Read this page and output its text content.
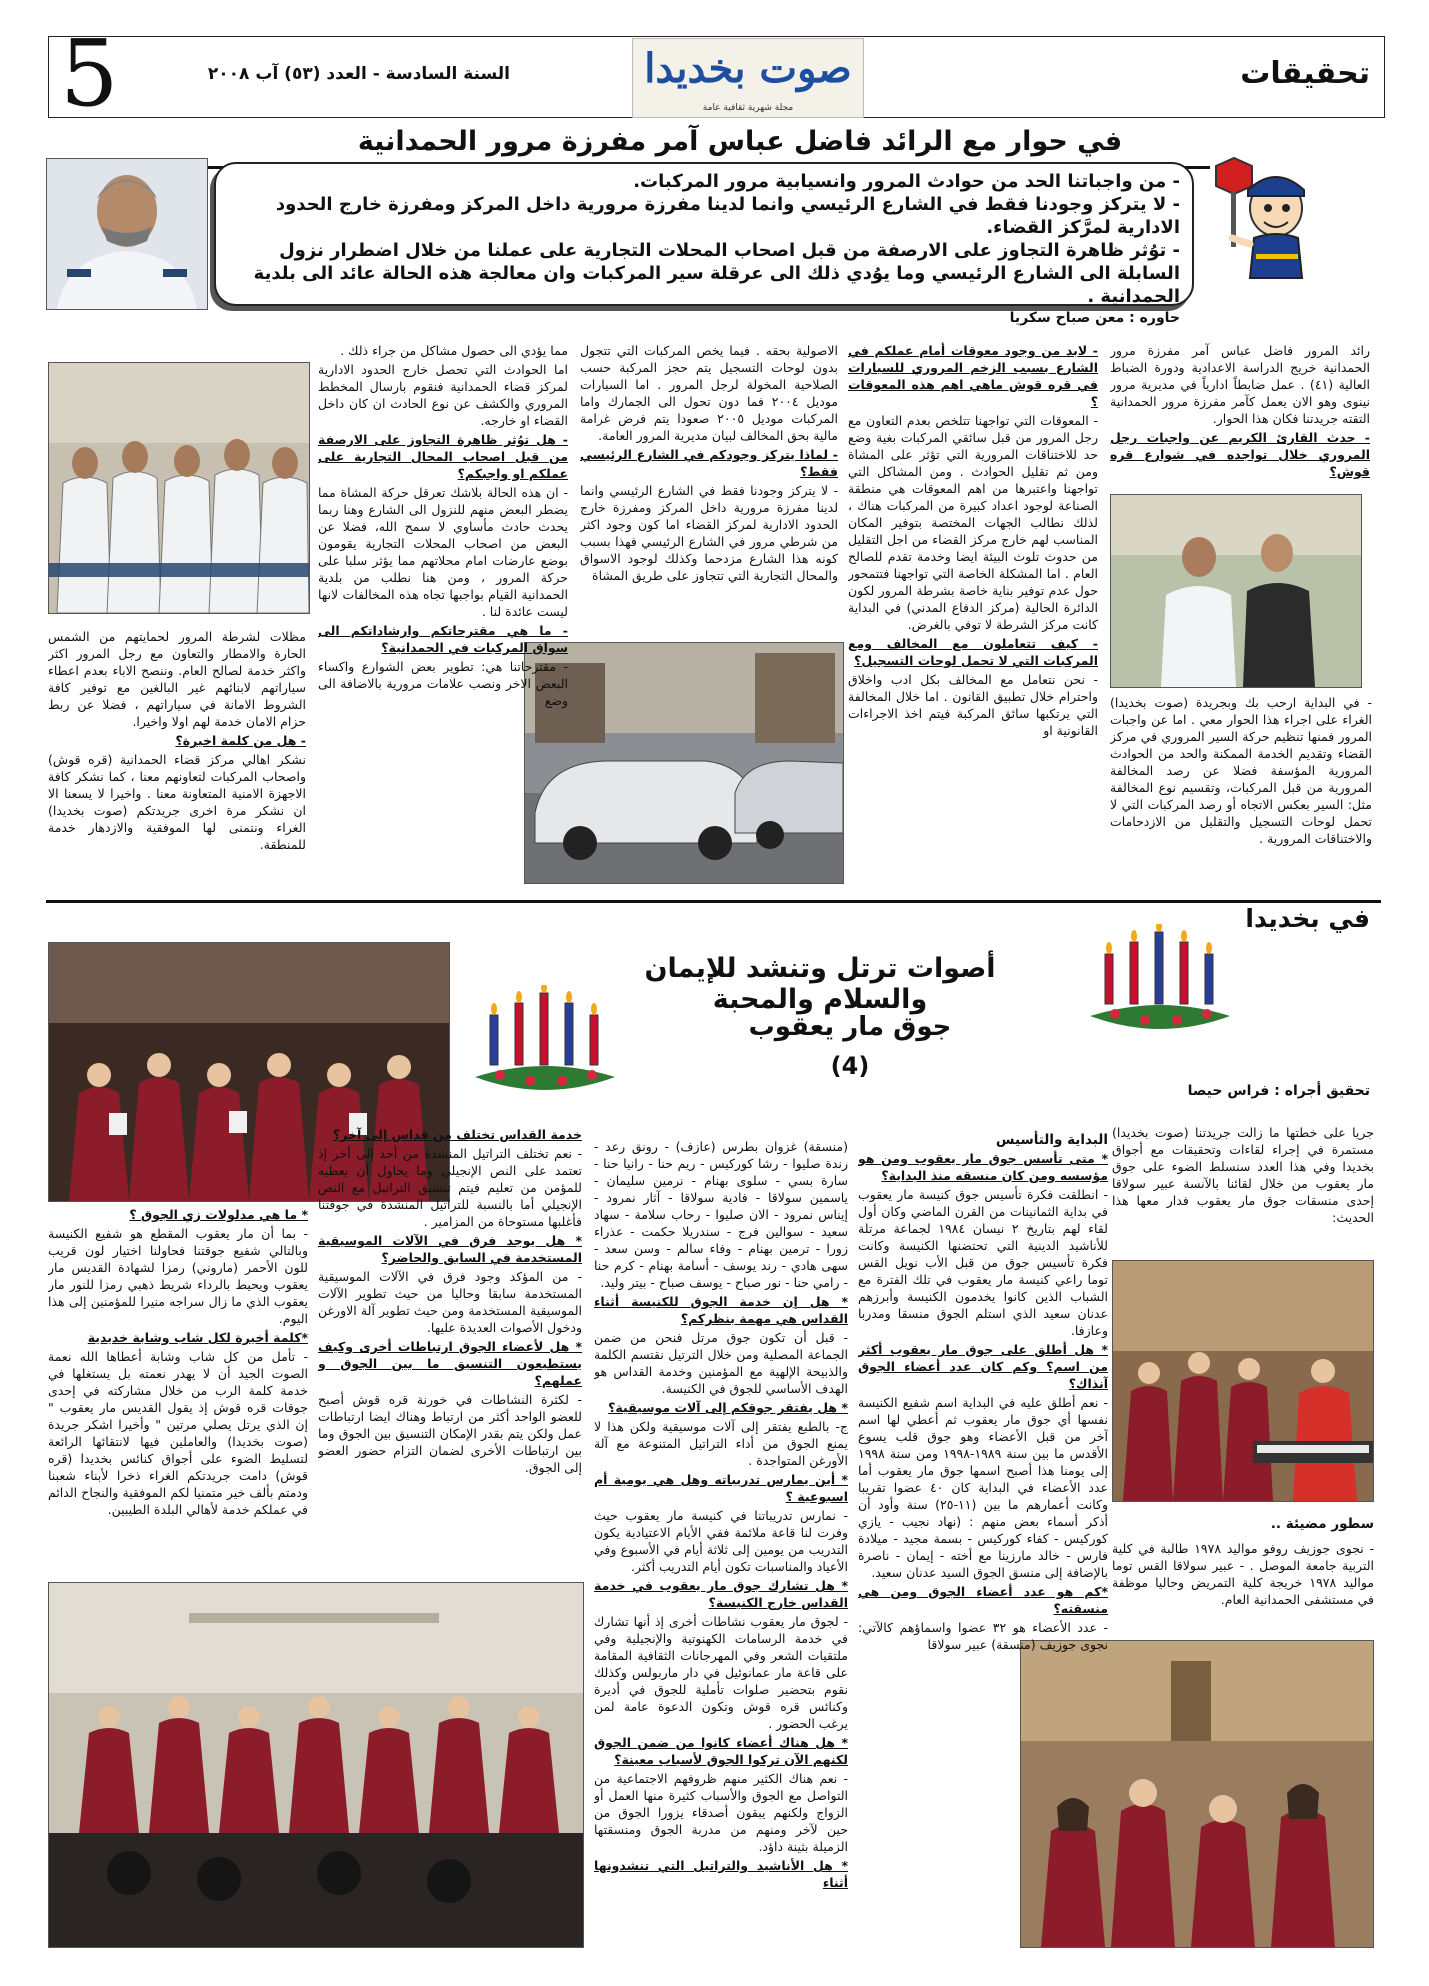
5	السنة السادسة - العدد (٥٣) آب ٢٠٠٨	صوت بخديدا
مجلة شهرية ثقافية عامة
تحقيقات
في حوار مع الرائد فاضل عباس آمر مفرزة مرور الحمدانية
- من واجباتنا الحد من حوادث المرور وانسيابية مرور المركبات.
- لا يتركز وجودنا فقط في الشارع الرئيسي وانما لدينا مفرزة مرورية داخل المركز ومفرزة خارج الحدود الادارية لمرَّكز القضاء.
- توُثر ظاهرة التجاوز على الارصفة من قبل اصحاب المحلات التجارية على عملنا من خلال اضطرار نزول السابلة الى الشارع الرئيسي وما يوُدي ذلك الى عرقلة سير المركبات وان معالجة هذه الحالة عائد الى بلدية الحمدانية .
حاوره : معن صباح سكريا

رائد المرور فاضل عباس آمر مفرزة مرور الحمدانية خريج الدراسة الاعدادية ودورة الضباط العالية (٤١) . عمل ضابطاً ادارياً في مديرية مرور نينوى وهو الان يعمل كآمر مفرزة مرور الحمدانية التقته جريدتنا فكان هذا الحوار.

- حدث القارئ الكريم عن واجبات رجل المروري خلال تواجده في شوارع قره قوش؟

- في البداية ارحب بك وبجريدة (صوت بخديدا) الغراء على اجراء هذا الحوار معي . اما عن واجبات المرور فمنها تنظيم حركة السير المروري في مركز القضاء وتقديم الخدمة الممكنة والحد من الحوادث المرورية المؤسفة فضلا عن رصد المخالفة المرورية من قبل المركبات، وتقسيم نوع المخالفة مثل: السير بعكس الاتجاه أو رصد المركبات التي لا تحمل لوحات التسجيل والتقليل من الازدحامات والاختناقات المرورية .

- لابد من وجود معوقات أمام عملكم في الشارع بسبب الزخم المروري للسيارات في قره قوش ماهي اهم هذه المعوقات ؟

- المعوقات التي تواجهنا تتلخص بعدم التعاون مع رجل المرور من قبل سائقي المركبات بغية وضع حد للاختناقات المرورية التي تؤثر على المشاة ومن ثم تقليل الحوادث . ومن المشاكل التي تواجهنا واعتبرها من اهم المعوقات هي منطقة الصناعة لوجود اعداد كبيرة من المركبات هناك ، لذلك نطالب الجهات المختصة بتوفير المكان المناسب لهم خارج مركز القضاء من اجل التقليل من حدوث تلوث البيئة ايضا وخدمة تقدم للصالح العام . اما المشكلة الخاصة التي تواجهنا فتتمحور حول عدم توفير بناية خاصة بشرطة المرور لكون الدائرة الحالية (مركز الدفاع المدني) في البداية كانت مركز الشرطة لا توفي بالغرض.

- كيف تتعاملون مع المخالف ومع المركبات التي لا تحمل لوحات التسجيل؟

- نحن نتعامل مع المخالف بكل ادب واخلاق واحترام خلال تطبيق القانون . اما خلال المخالفة التي يرتكبها سائق المركبة فيتم اخذ الاجراءات القانونية او

الاصولية بحقه . فيما يخص المركبات التي تتجول بدون لوحات التسجيل يتم حجز المركبة حسب الصلاحية المخولة لرجل المرور . اما السيارات موديل ٢٠٠٤ فما دون تحول الى الجمارك واما المركبات موديل ٢٠٠٥ صعودا يتم فرض غرامة مالية بحق المخالف لبيان مديرية المرور العامة.

- لماذا يتركز وجودكم في الشارع الرئيسي فقط؟

- لا يتركز وجودنا فقط في الشارع الرئيسي وانما لدينا مفرزة مرورية داخل المركز ومفرزة خارج الحدود الادارية لمركز القضاء اما كون وجود اكثر من شرطي مرور في الشارع الرئيسي فهذا بسبب كونه هذا الشارع مزدحما وكذلك لوجود الاسواق والمحال التجارية التي تتجاوز على طريق المشاة

مما يؤدي الى حصول مشاكل من جراء ذلك .

اما الحوادث التي تحصل خارج الحدود الادارية لمركز قضاء الحمدانية فنقوم بارسال المخطط المروري والكشف عن نوع الحادث ان كان داخل القضاء او خارجه.

- هل توُثر ظاهرة التجاوز على الارصفة من قبل اصحاب المحال التجارية على عملكم او واجبكم؟

- ان هذه الحالة بلاشك تعرقل حركة المشاة مما يضطر البعض منهم للنزول الى الشارع وهنا ربما يحدث حادث مأساوي لا سمح الله، فضلا عن البعض من اصحاب المحلات التجارية يقومون بوضع عارضات امام محلاتهم مما يؤثر سلبا على حركة المرور ، ومن هنا نطلب من بلدية الحمدانية القيام بواجبها تجاه هذه المخالفات لانها ليست عائدة لنا .

- ما هي مقترحاتكم وارشاداتكم الى سواق المركبات في الحمدانية؟

- مقترحاتنا هي: تطوير بعض الشوارع واكساء البعض الاخر ونصب علامات مرورية بالاضافة الى وضع

مظلات لشرطة المرور لحمايتهم من الشمس الحارة والامطار والتعاون مع رجل المرور اكثر واكثر خدمة لصالح العام. وننصح الاباء بعدم اعطاء سياراتهم لابنائهم غير البالغين مع توفير كافة الشروط الامانة في سياراتهم ، فضلا عن ربط حزام الامان خدمة لهم اولا واخيرا.

- هل من كلمة اخيرة؟

نشكر اهالي مركز قضاء الحمدانية (قره قوش) واصحاب المركبات لتعاونهم معنا ، كما نشكر كافة الاجهزة الامنية المتعاونة معنا . واخيرا لا يسعنا الا ان نشكر مرة اخرى جريدتكم (صوت بخديدا) الغراء ونتمنى لها الموفقية والازدهار خدمة للمنطقة.

في بخديدا
أصوات ترتل وتنشد للإيمان والسلام والمحبة
جوق مار يعقوب
(4)
تحقيق أجراه : فراس حيصا

جريا على خطتها ما زالت جريدتنا (صوت بخديدا) مستمرة في إجراء لقاءات وتحقيقات مع أجواق بخديدا وفي هذا العدد سنسلط الضوء على جوق مار يعقوب من خلال لقائنا بالآنسة عبير سولاقا إحدى منسقات جوق مار يعقوب فدار معها هذا الحديث:

سطور مضيئة ..

- نجوى جوزيف روفو مواليد ١٩٧٨ طالبة في كلية التربية جامعة الموصل . - عبير سولاقا القس توما مواليد ١٩٧٨ خريجة كلية التمريض وحاليا موظفة في مستشفى الحمدانية العام.

البداية والتأسيس

* متى تأسس جوق مار يعقوب ومن هو مؤسسه ومن كان منسقه منذ البداية؟

- انطلقت فكرة تأسيس جوق كنيسة مار يعقوب في بداية الثمانينات من القرن الماضي وكان أول لقاء لهم بتاريخ ٢ نيسان ١٩٨٤ لجماعة مرتلة للأناشيد الدينية التي تحتضنها الكنيسة وكانت فكرة تأسيس جوق من قبل الأب نويل القس توما راعي كنيسة مار يعقوب في تلك الفترة مع الشباب الذين كانوا يخدمون الكنيسة وأبرزهم عدنان سعيد الذي استلم الجوق منسقا ومدربا وعازفا.

* هل أطلق على جوق مار يعقوب أكثر من اسم؟ وكم كان عدد أعضاء الجوق آنذاك؟

- نعم أطلق عليه في البداية اسم شفيع الكنيسة نفسها أي جوق مار يعقوب ثم أعطي لها اسم آخر من قبل الأعضاء وهو جوق قلب يسوع الأقدس ما بين سنة ١٩٨٩-١٩٩٨ ومن سنة ١٩٩٨ إلى يومنا هذا أصبح اسمها جوق مار يعقوب أما عدد الأعضاء في البداية كان ٤٠ عضوا تقريبا وكانت أعمارهم ما بين (١١-٢٥) سنة وأود أن أذكر أسماء بعض منهم : (نهاد نجيب - يازي كوركيس - كفاء كوركيس - بسمة مجيد - ميلادة فارس - خالد مارزينا مع أخته - إيمان - ناصرة بالإضافة إلى منسق الجوق السيد عدنان سعيد.

*كم هو عدد أعضاء الجوق ومن هي منسقته؟

- عدد الأعضاء هو ٣٢ عضوا واسماؤهم كالآتي: نجوى جوزيف (منسقة) عبير سولاقا

(منسقة) غزوان بطرس (عازف) - رونق رعد - رندة صليوا - رشا كوركيس - ريم حنا - رانيا حنا - سارة بسي - سلوى بهنام - نرمين سليمان - ياسمين سولاقا - فادية سولاقا - آثار نمرود - إيناس نمرود - الان صليوا - رحاب سلامة - سهاد سعيد - سوالين فرج - سندريلا حكمت - عذراء زورا - ترمين بهنام - وفاء سالم - وسن سعد - سهى هادي - رند يوسف - أسامة بهنام - كرم حنا - رامي حنا - نور صباح - يوسف صباح - بيتر وليد.

* هل إن خدمة الجوق للكنيسة أثناء القداس هي مهمة بنظركم؟

- قبل أن تكون جوق مرتل فنحن من ضمن الجماعة المصلية ومن خلال الترتيل نقتسم الكلمة والذبيحة الإلهية مع المؤمنين وخدمة القداس هو الهدف الأساسي للجوق في الكنيسة.

* هل يفتقر جوقكم إلى آلات موسيقية؟

ج- بالطبع يفتقر إلى آلات موسيقية ولكن هذا لا يمنع الجوق من أداء التراتيل المتنوعة مع آلة الأورغن المتواجدة .

* أين يمارس تدريباته وهل هي يومية أم اسبوعية ؟

- نمارس تدريباتنا في كنيسة مار يعقوب حيث وفرت لنا قاعة ملائمة ففي الأيام الاعتيادية يكون التدريب من يومين إلى ثلاثة أيام في الأسبوع وفي الأعياد والمناسبات تكون أيام التدريب أكثر.

* هل تشارك جوق مار يعقوب في خدمة القداس خارج الكنيسة؟

- لجوق مار يعقوب نشاطات أخرى إذ أنها تشارك في خدمة الرسامات الكهنوتية والإنجيلية وفي ملتقيات الشعر وفي المهرجانات الثقافية المقامة على قاعة مار عمانوئيل في دار ماربولس وكذلك نقوم بتحضير صلوات تأملية للجوق في أديرة وكنائس قره قوش وتكون الدعوة عامة لمن يرغب الحضور .

* هل هناك أعضاء كانوا من ضمن الجوق لكنهم الآن تركوا الجوق لأسباب معينة؟

- نعم هناك الكثير منهم ظروفهم الاجتماعية من التواصل مع الجوق والأسباب كثيرة منها العمل أو الزواج ولكنهم يبقون أصدقاء يزورا الجوق من حين لآخر ومنهم من مدربة الجوق ومنسقتها الزميلة بثينة داؤد.

* هل الأناشيد والتراتيل التي تنشدونها أثناء

خدمة القداس تختلف من قداس إلى آخر؟

- نعم تختلف التراتيل المنشدة من أحد إلى أخر إذ تعتمد على النص الإنجيلي وما يحاول أن يعطيه للمؤمن من تعليم فيتم تنسيق التراتيل مع النص الإنجيلي أما بالنسبة للتراتيل المنشدة في جوقتنا فأغلبها مستوحاة من المزامير .

* هل يوجد فرق في الآلات الموسيقية المستخدمة في السابق والحاضر؟

- من المؤكد وجود فرق في الآلات الموسيقية المستخدمة سابقا وحاليا من حيث تطوير الآلات الموسيقية المستخدمة ومن حيث تطوير آلة الاورغن ودخول الأصوات العديدة عليها.

* هل لأعضاء الجوق ارتباطات أخرى وكيف يستطيعون التنسيق ما بين الجوق و عملهم؟

- لكثرة النشاطات في خورنة قره قوش أصبح للعضو الواحد أكثر من ارتباط وهناك ايضا ارتباطات عمل ولكن يتم بقدر الإمكان التنسيق بين الجوق وما بين ارتباطات الأخرى لضمان التزام حضور العضو إلى الجوق.

* ما هي مدلولات زي الجوق ؟

- بما أن مار يعقوب المقطع هو شفيع الكنيسة وبالتالي شفيع جوقتنا فحاولنا اختيار لون قريب للون الأحمر (ماروني) رمزا لشهادة القديس مار يعقوب ويحيط بالرداء شريط ذهبي رمزا للنور مار يعقوب الذي ما زال سراجه منيرا للمؤمنين إلى هذا اليوم.

*كلمة أخيرة لكل شاب وشابة خديدية

- تأمل من كل شاب وشابة أعطاها الله نعمة الصوت الجيد أن لا يهدر نعمته بل يستغلها في خدمة كلمة الرب من خلال مشاركته في إحدى جوقات قره قوش إذ يقول القديس مار يعقوب " إن الذي يرتل يصلي مرتين " وأخيرا اشكر جريدة (صوت بخديدا) والعاملين فيها لانتقائها الرائعة لتسليط الضوء على أجواق كنائس بخديدا (قره قوش) دامت جريدتكم الغراء ذخرا لأبناء شعبنا ودمتم بألف خير متمنيا لكم الموفقية والنجاح الدائم في عملكم خدمة لأهالي البلدة الطيبين.
